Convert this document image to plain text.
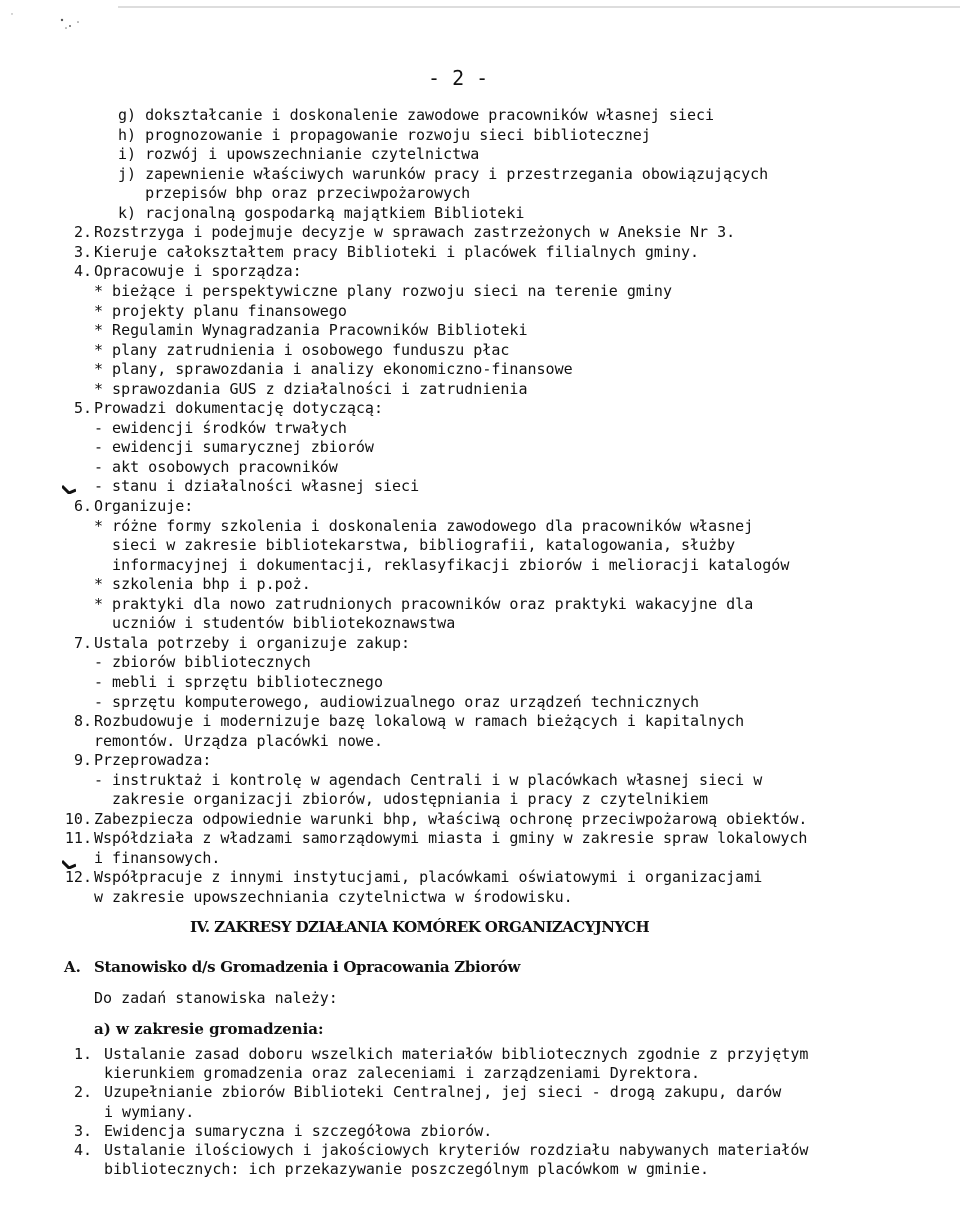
- 2 -
g) dokształcanie i doskonalenie zawodowe pracowników własnej sieci
h) prognozowanie i propagowanie rozwoju sieci bibliotecznej
i) rozwój i upowszechnianie czytelnictwa
j) zapewnienie właściwych warunków pracy i przestrzegania obowiązujących
przepisów bhp oraz przeciwpożarowych
k) racjonalną gospodarką majątkiem Biblioteki
2. Rozstrzyga i podejmuje decyzje w sprawach zastrzeżonych w Aneksie Nr 3.
3. Kieruje całokształtem pracy Biblioteki i placówek filialnych gminy.
4. Opracowuje i sporządza:
* bieżące i perspektywiczne plany rozwoju sieci na terenie gminy
* projekty planu finansowego
* Regulamin Wynagradzania Pracowników Biblioteki
* plany zatrudnienia i osobowego funduszu płac
* plany, sprawozdania i analizy ekonomiczno-finansowe
* sprawozdania GUS z działalności i zatrudnienia
5. Prowadzi dokumentację dotyczącą:
- ewidencji środków trwałych
- ewidencji sumarycznej zbiorów
- akt osobowych pracowników
- stanu i działalności własnej sieci
6. Organizuje:
* różne formy szkolenia i doskonalenia zawodowego dla pracowników własnej
sieci w zakresie bibliotekarstwa, bibliografii, katalogowania, służby
informacyjnej i dokumentacji, reklasyfikacji zbiorów i melioracji katalogów
* szkolenia bhp i p.poż.
* praktyki dla nowo zatrudnionych pracowników oraz praktyki wakacyjne dla
uczniów i studentów bibliotekoznawstwa
7. Ustala potrzeby i organizuje zakup:
- zbiorów bibliotecznych
- mebli i sprzętu bibliotecznego
- sprzętu komputerowego, audiowizualnego oraz urządzeń technicznych
8. Rozbudowuje i modernizuje bazę lokalową w ramach bieżących i kapitalnych
remontów. Urządza placówki nowe.
9. Przeprowadza:
- instruktaż i kontrolę w agendach Centrali i w placówkach własnej sieci w
zakresie organizacji zbiorów, udostępniania i pracy z czytelnikiem
10. Zabezpiecza odpowiednie warunki bhp, właściwą ochronę przeciwpożarową obiektów.
11. Współdziała z władzami samorządowymi miasta i gminy w zakresie spraw lokalowych
i finansowych.
12. Współpracuje z innymi instytucjami, placówkami oświatowymi i organizacjami
w zakresie upowszechniania czytelnictwa w środowisku.
IV. ZAKRESY DZIAŁANIA KOMÓREK ORGANIZACYJNYCH
A. Stanowisko d/s Gromadzenia i Opracowania Zbiorów
Do zadań stanowiska należy:
a) w zakresie gromadzenia:
1. Ustalanie zasad doboru wszelkich materiałów bibliotecznych zgodnie z przyjętym
kierunkiem gromadzenia oraz zaleceniami i zarządzeniami Dyrektora.
2. Uzupełnianie zbiorów Biblioteki Centralnej, jej sieci - drogą zakupu, darów
i wymiany.
3. Ewidencja sumaryczna i szczegółowa zbiorów.
4. Ustalanie ilościowych i jakościowych kryteriów rozdziału nabywanych materiałów
bibliotecznych: ich przekazywanie poszczególnym placówkom w gminie.
